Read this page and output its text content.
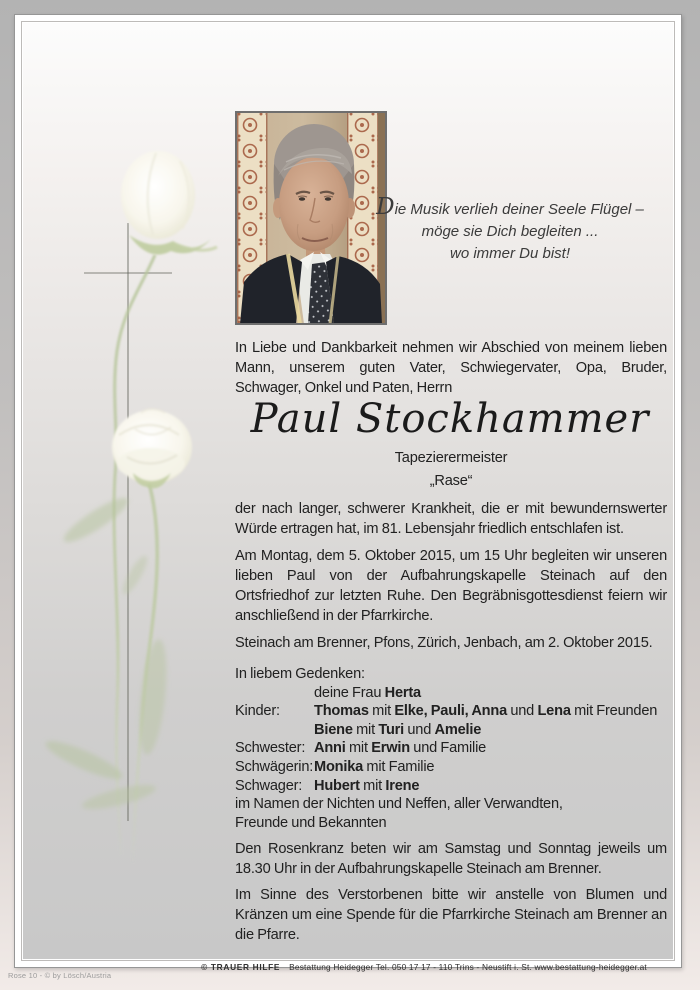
Die Musik verlieh deiner Seele Flügel –
möge sie Dich begleiten ...
wo immer Du bist!
In Liebe und Dankbarkeit nehmen wir Abschied von meinem lieben Mann, unserem guten Vater, Schwiegervater, Opa, Bruder, Schwager, Onkel und Paten, Herrn
Paul Stockhammer
Tapezierermeister
„Rase“
der nach langer, schwerer Krankheit, die er mit bewundernswerter Würde ertragen hat, im 81. Lebensjahr friedlich entschlafen ist.
Am Montag, dem 5. Oktober 2015, um 15 Uhr begleiten wir unseren lieben Paul von der Aufbahrungskapelle Steinach auf den Ortsfriedhof zur letzten Ruhe. Den Begräbnisgottesdienst feiern wir anschließend in der Pfarrkirche.
Steinach am Brenner, Pfons, Zürich, Jenbach, am 2. Oktober 2015.
In liebem Gedenken:
deine Frau Herta
Kinder:	Thomas mit Elke, Pauli, Anna und Lena mit Freunden
Biene mit Turi und Amelie
Schwester: Anni mit Erwin und Familie
Schwägerin: Monika mit Familie
Schwager: Hubert mit Irene
im Namen der Nichten und Neffen, aller Verwandten,
Freunde und Bekannten
Den Rosenkranz beten wir am Samstag und Sonntag jeweils um 18.30 Uhr in der Aufbahrungskapelle Steinach am Brenner.
Im Sinne des Verstorbenen bitte wir anstelle von Blumen und Kränzen um eine Spende für die Pfarrkirche Steinach am Brenner an die Pfarre.
© TRAUER HILFE Bestattung Heidegger Tel. 050 17 17 - 110 Trins - Neustift i. St. www.bestattung-heidegger.at
Rose 10 - © by Lösch/Austria
